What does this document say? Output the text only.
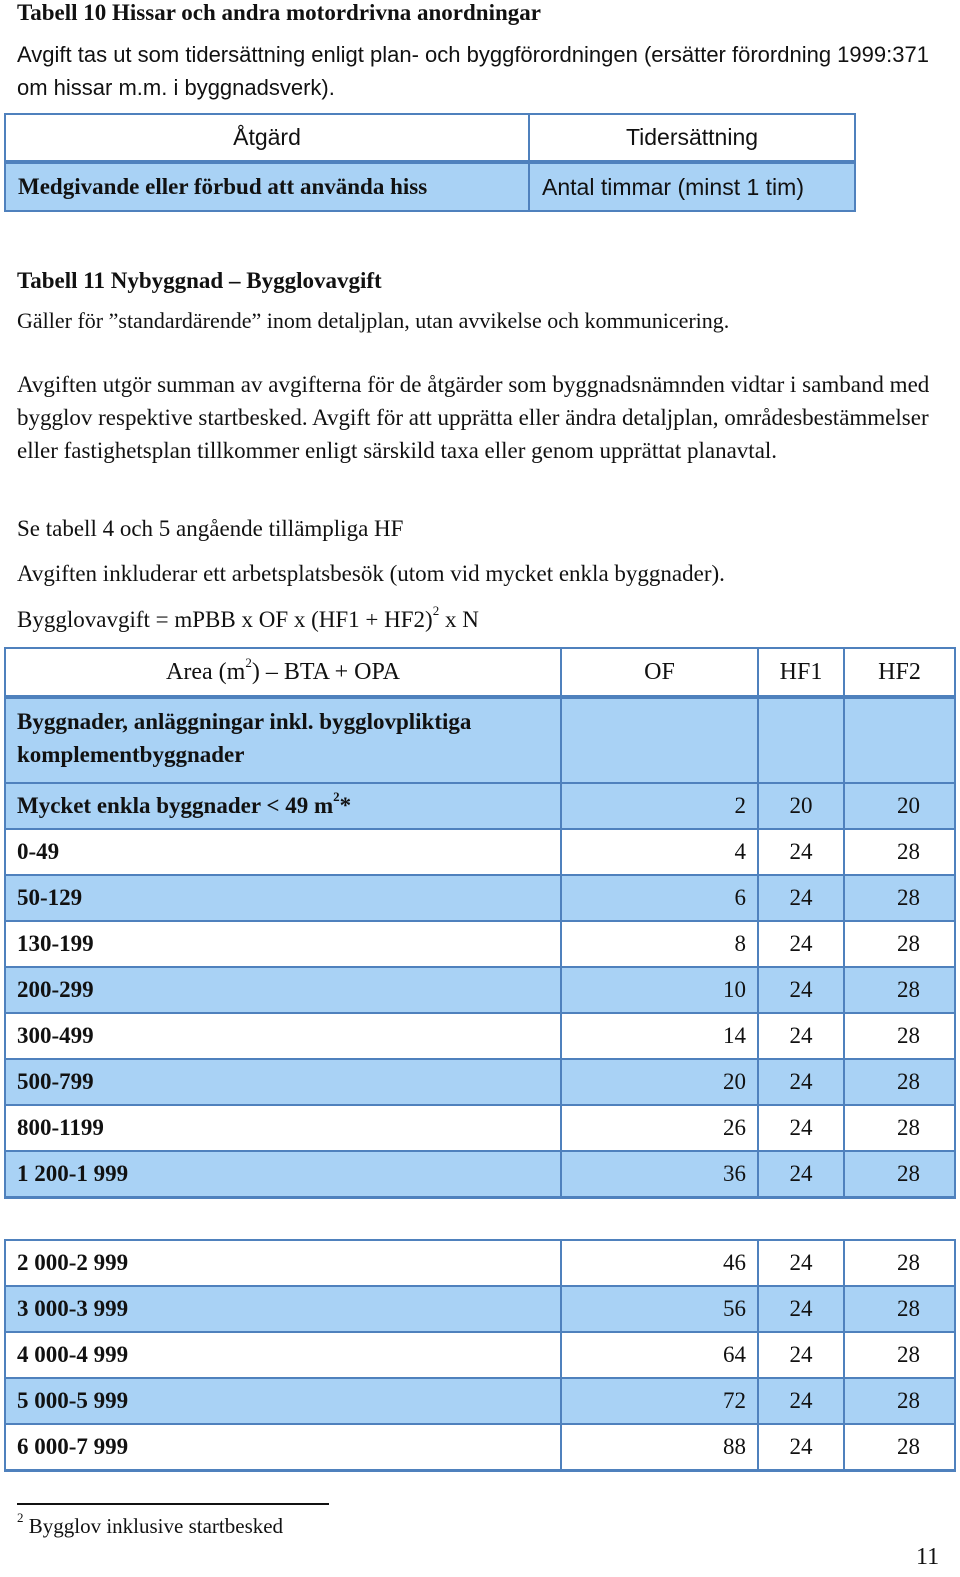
Tabell 10 Hissar och andra motordrivna anordningar
Avgift tas ut som tidersättning enligt plan- och byggförordningen (ersätter förordning 1999:371 om hissar m.m. i byggnadsverk).
Åtgärd	Tidersättning
Medgivande eller förbud att använda hiss	Antal timmar (minst 1 tim)
Tabell 11 Nybyggnad – Bygglovavgift
Gäller för ”standardärende” inom detaljplan, utan avvikelse och kommunicering.
Avgiften utgör summan av avgifterna för de åtgärder som byggnadsnämnden vidtar i samband med bygglov respektive startbesked. Avgift för att upprätta eller ändra detaljplan, områdesbestämmelser eller fastighetsplan tillkommer enligt särskild taxa eller genom upprättat planavtal.
Se tabell 4 och 5 angående tillämpliga HF
Avgiften inkluderar ett arbetsplatsbesök (utom vid mycket enkla byggnader).
Bygglovavgift = mPBB x OF x $(HF1 + HF2)^2$ x N
Area $(m^2)$ – BTA + OPA	OF	HF1	HF2
Byggnader, anläggningar inkl. bygglovpliktiga komplementbyggnader			
Mycket enkla byggnader < 49 $m^2*$	2	20	20
0-49	4	24	28
50-129	6	24	28
130-199	8	24	28
200-299	10	24	28
300-499	14	24	28
500-799	20	24	28
800-1199	26	24	28
1 200-1 999	36	24	28
2 000-2 999	46	24	28
3 000-3 999	56	24	28
4 000-4 999	64	24	28
5 000-5 999	72	24	28
6 000-7 999	88	24	28
$^2$ Bygglov inklusive startbesked
11
